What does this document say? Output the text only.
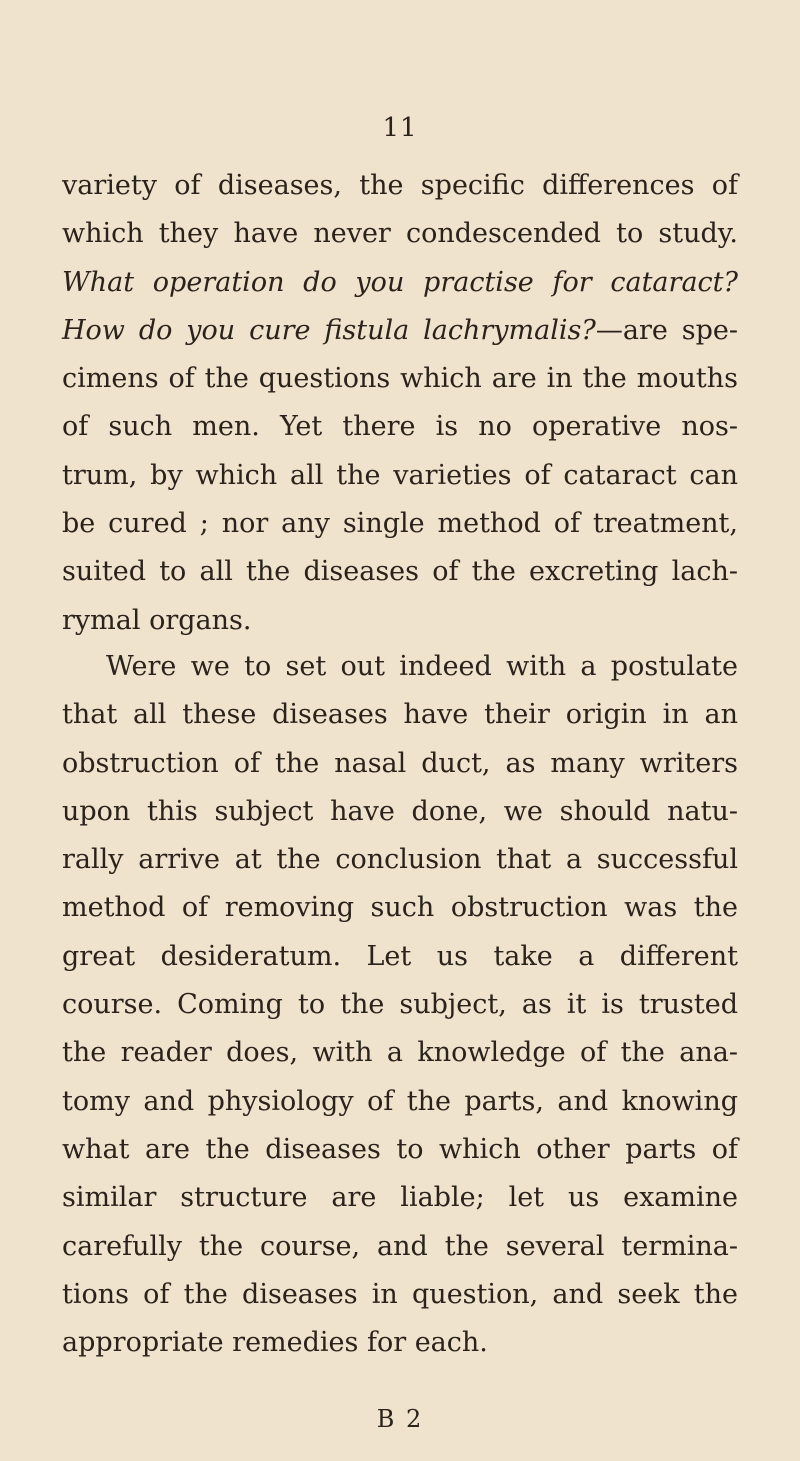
11

variety of diseases, the specific differences of
which they have never condescended to study.
What operation do you practise for cataract?
How do you cure fistula lachrymalis?—are spe-
cimens of the questions which are in the mouths
of such men. Yet there is no operative nos-
trum, by which all the varieties of cataract can
be cured ; nor any single method of treatment,
suited to all the diseases of the excreting lach-
rymal organs.

Were we to set out indeed with a postulate
that all these diseases have their origin in an
obstruction of the nasal duct, as many writers
upon this subject have done, we should natu-
rally arrive at the conclusion that a successful
method of removing such obstruction was the
great desideratum. Let us take a different
course. Coming to the subject, as it is trusted
the reader does, with a knowledge of the ana-
tomy and physiology of the parts, and knowing
what are the diseases to which other parts of
similar structure are liable; let us examine
carefully the course, and the several termina-
tions of the diseases in question, and seek the
appropriate remedies for each.

B 2
